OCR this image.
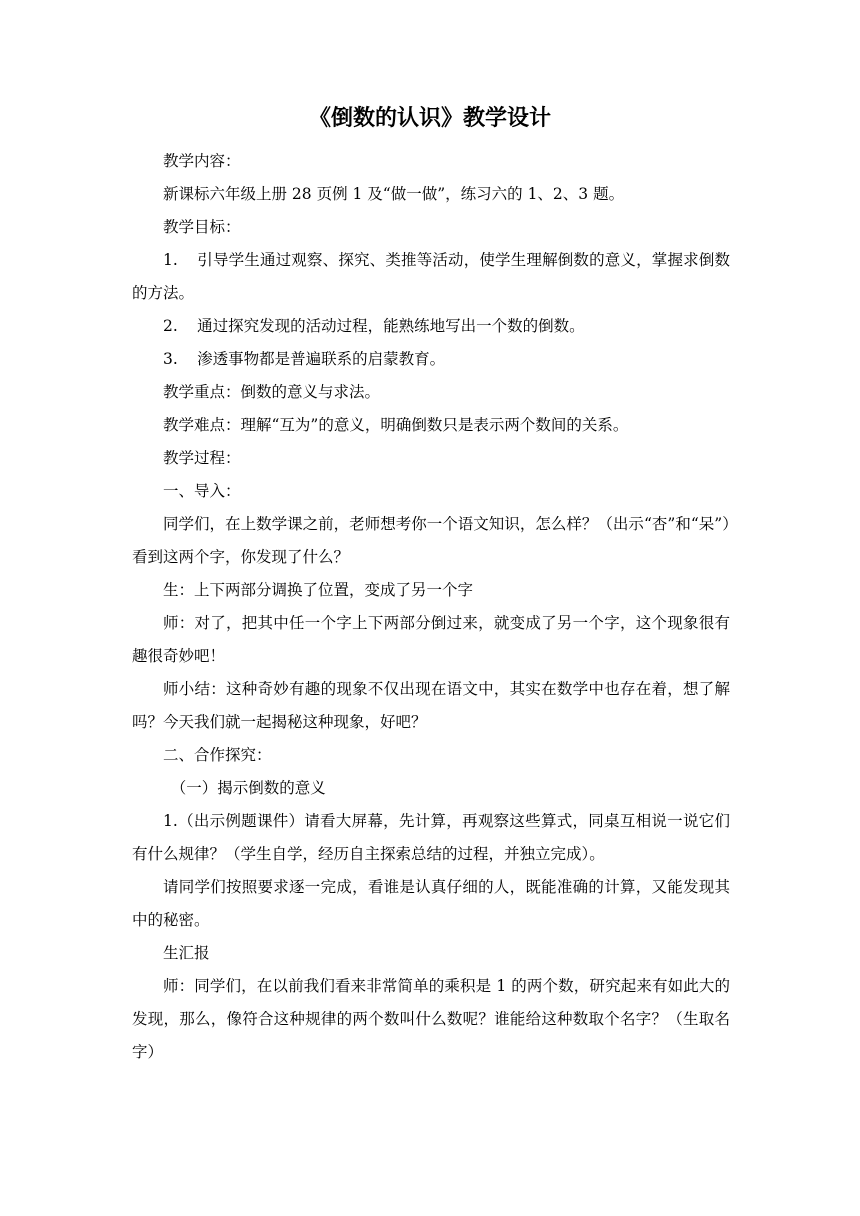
《倒数的认识》教学设计

教学内容：

新课标六年级上册 28 页例 1 及“做一做”，练习六的 1、2、3 题。

教学目标：

1. 引导学生通过观察、探究、类推等活动，使学生理解倒数的意义，掌握求倒数的方法。

2. 通过探究发现的活动过程，能熟练地写出一个数的倒数。

3. 渗透事物都是普遍联系的启蒙教育。

教学重点：倒数的意义与求法。

教学难点：理解“互为”的意义，明确倒数只是表示两个数间的关系。

教学过程：

一、导入：

同学们，在上数学课之前，老师想考你一个语文知识，怎么样？（出示“杏”和“呆”）看到这两个字，你发现了什么？

生：上下两部分调换了位置，变成了另一个字

师：对了，把其中任一个字上下两部分倒过来，就变成了另一个字，这个现象很有趣很奇妙吧！

师小结：这种奇妙有趣的现象不仅出现在语文中，其实在数学中也存在着，想了解吗？今天我们就一起揭秘这种现象，好吧？

二、合作探究：

（一）揭示倒数的意义

1.（出示例题课件）请看大屏幕，先计算，再观察这些算式，同桌互相说一说它们有什么规律？（学生自学，经历自主探索总结的过程，并独立完成）。

请同学们按照要求逐一完成，看谁是认真仔细的人，既能准确的计算，又能发现其中的秘密。

生汇报

师：同学们，在以前我们看来非常简单的乘积是 1 的两个数，研究起来有如此大的发现，那么，像符合这种规律的两个数叫什么数呢？谁能给这种数取个名字？（生取名字）
